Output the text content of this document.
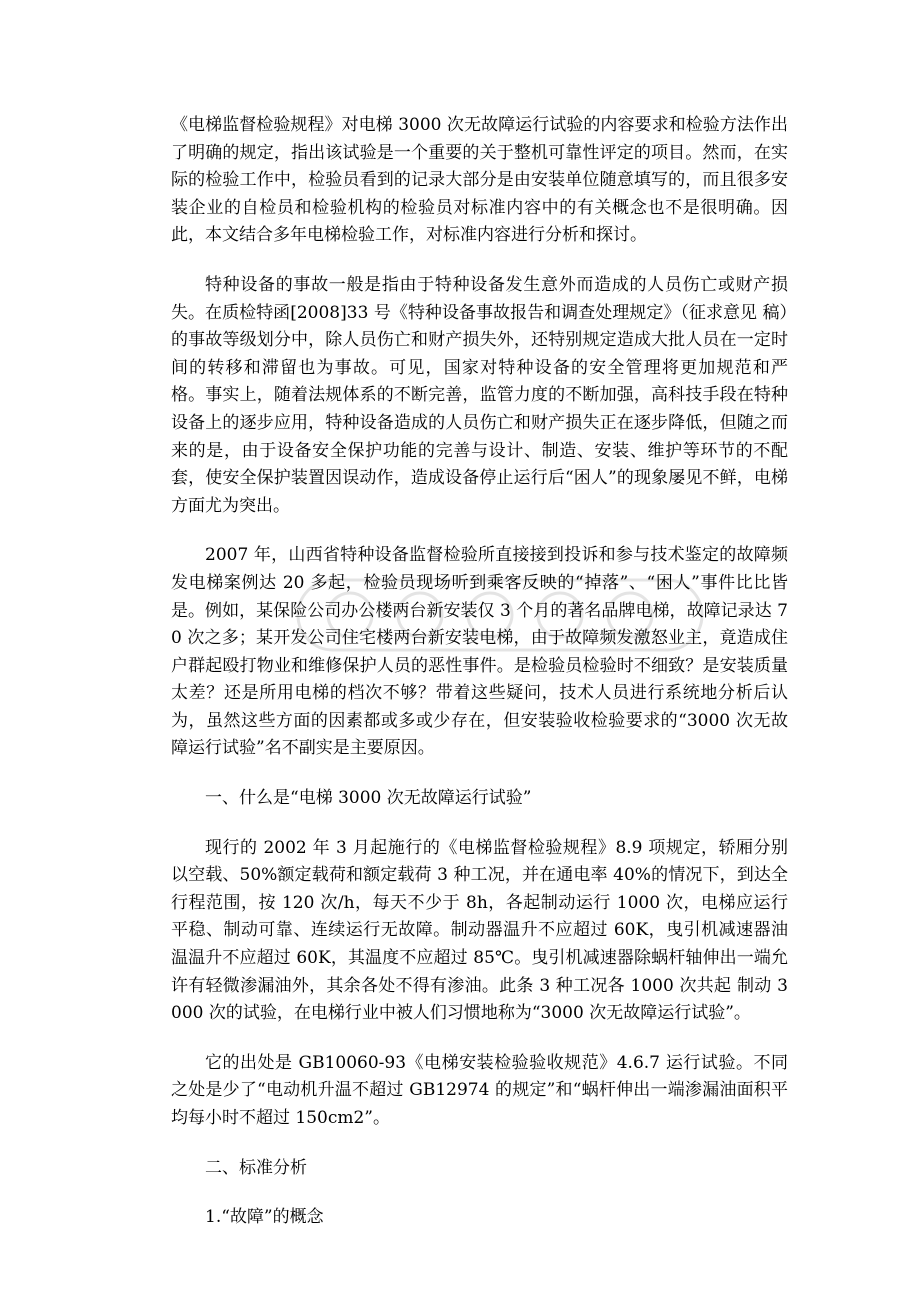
《电梯监督检验规程》对电梯 3000 次无故障运行试验的内容要求和检验方法作出了明确的规定，指出该试验是一个重要的关于整机可靠性评定的项目。然而，在实际的检验工作中，检验员看到的记录大部分是由安装单位随意填写的，而且很多安装企业的自检员和检验机构的检验员对标准内容中的有关概念也不是很明确。因此，本文结合多年电梯检验工作，对标准内容进行分析和探讨。

特种设备的事故一般是指由于特种设备发生意外而造成的人员伤亡或财产损失。在质检特函[2008]33 号《特种设备事故报告和调查处理规定》（征求意见 稿）的事故等级划分中，除人员伤亡和财产损失外，还特别规定造成大批人员在一定时间的转移和滞留也为事故。可见，国家对特种设备的安全管理将更加规范和严 格。事实上，随着法规体系的不断完善，监管力度的不断加强，高科技手段在特种设备上的逐步应用，特种设备造成的人员伤亡和财产损失正在逐步降低，但随之而 来的是，由于设备安全保护功能的完善与设计、制造、安装、维护等环节的不配套，使安全保护装置因误动作，造成设备停止运行后“困人”的现象屡见不鲜，电梯 方面尤为突出。

2007 年，山西省特种设备监督检验所直接接到投诉和参与技术鉴定的故障频发电梯案例达 20 多起，检验员现场听到乘客反映的“掉落”、“困人”事件比比皆 是。例如，某保险公司办公楼两台新安装仅 3 个月的著名品牌电梯，故障记录达 70 次之多；某开发公司住宅楼两台新安装电梯，由于故障频发激怒业主，竟造成住 户群起殴打物业和维修保护人员的恶性事件。是检验员检验时不细致？是安装质量太差？还是所用电梯的档次不够？带着这些疑问，技术人员进行系统地分析后认 为，虽然这些方面的因素都或多或少存在，但安装验收检验要求的“3000 次无故障运行试验”名不副实是主要原因。

一、什么是“电梯 3000 次无故障运行试验”

现行的 2002 年 3 月起施行的《电梯监督检验规程》8.9 项规定，轿厢分别以空载、50%额定载荷和额定载荷 3 种工况，并在通电率 40%的情况下，到达全行程范围，按 120 次/h，每天不少于 8h，各起制动运行 1000 次，电梯应运行平稳、制动可靠、连续运行无故障。制动器温升不应超过 60K，曳引机减速器油温温升不应超过 60K，其温度不应超过 85℃。曳引机减速器除蜗杆轴伸出一端允许有轻微渗漏油外，其余各处不得有渗油。此条 3 种工况各 1000 次共起 制动 3000 次的试验，在电梯行业中被人们习惯地称为“3000 次无故障运行试验”。

它的出处是 GB10060-93《电梯安装检验验收规范》4.6.7 运行试验。不同之处是少了“电动机升温不超过 GB12974 的规定”和“蜗杆伸出一端渗漏油面积平均每小时不超过 150cm2”。

二、标准分析

1.“故障”的概念
